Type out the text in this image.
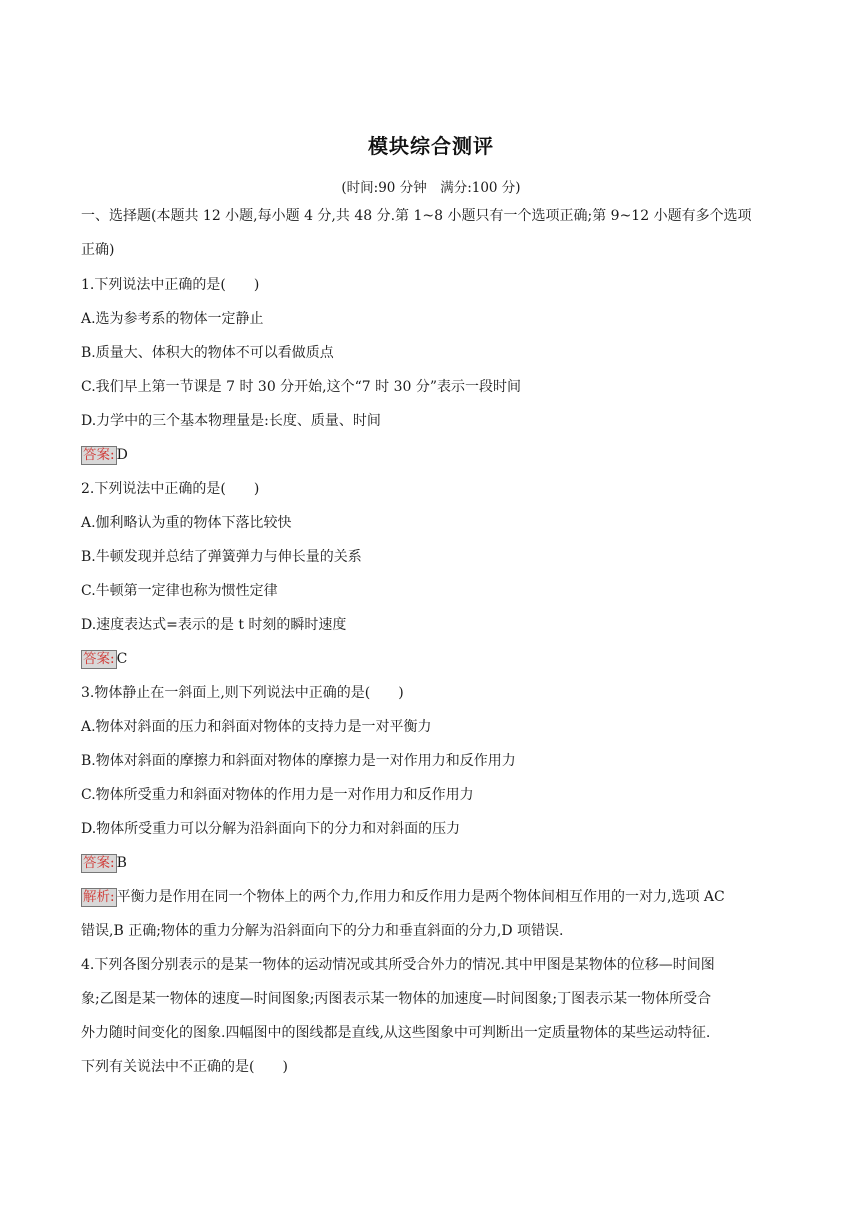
模块综合测评
(时间:90 分钟　满分:100 分)
一、选择题(本题共 12 小题,每小题 4 分,共 48 分.第 1~8 小题只有一个选项正确;第 9~12 小题有多个选项
正确)
1.下列说法中正确的是(　　)
A.选为参考系的物体一定静止
B.质量大、体积大的物体不可以看做质点
C.我们早上第一节课是 7 时 30 分开始,这个“7 时 30 分”表示一段时间
D.力学中的三个基本物理量是:长度、质量、时间
答案: D
2.下列说法中正确的是(　　)
A.伽利略认为重的物体下落比较快
B.牛顿发现并总结了弹簧弹力与伸长量的关系
C.牛顿第一定律也称为惯性定律
D.速度表达式=表示的是 t 时刻的瞬时速度
答案: C
3.物体静止在一斜面上,则下列说法中正确的是(　　)
A.物体对斜面的压力和斜面对物体的支持力是一对平衡力
B.物体对斜面的摩擦力和斜面对物体的摩擦力是一对作用力和反作用力
C.物体所受重力和斜面对物体的作用力是一对作用力和反作用力
D.物体所受重力可以分解为沿斜面向下的分力和对斜面的压力
答案: B
解析: 平衡力是作用在同一个物体上的两个力,作用力和反作用力是两个物体间相互作用的一对力,选项 AC
错误,B 正确;物体的重力分解为沿斜面向下的分力和垂直斜面的分力,D 项错误.
4.下列各图分别表示的是某一物体的运动情况或其所受合外力的情况.其中甲图是某物体的位移—时间图
象;乙图是某一物体的速度—时间图象;丙图表示某一物体的加速度—时间图象;丁图表示某一物体所受合
外力随时间变化的图象.四幅图中的图线都是直线,从这些图象中可判断出一定质量物体的某些运动特征.
下列有关说法中不正确的是(　　)
